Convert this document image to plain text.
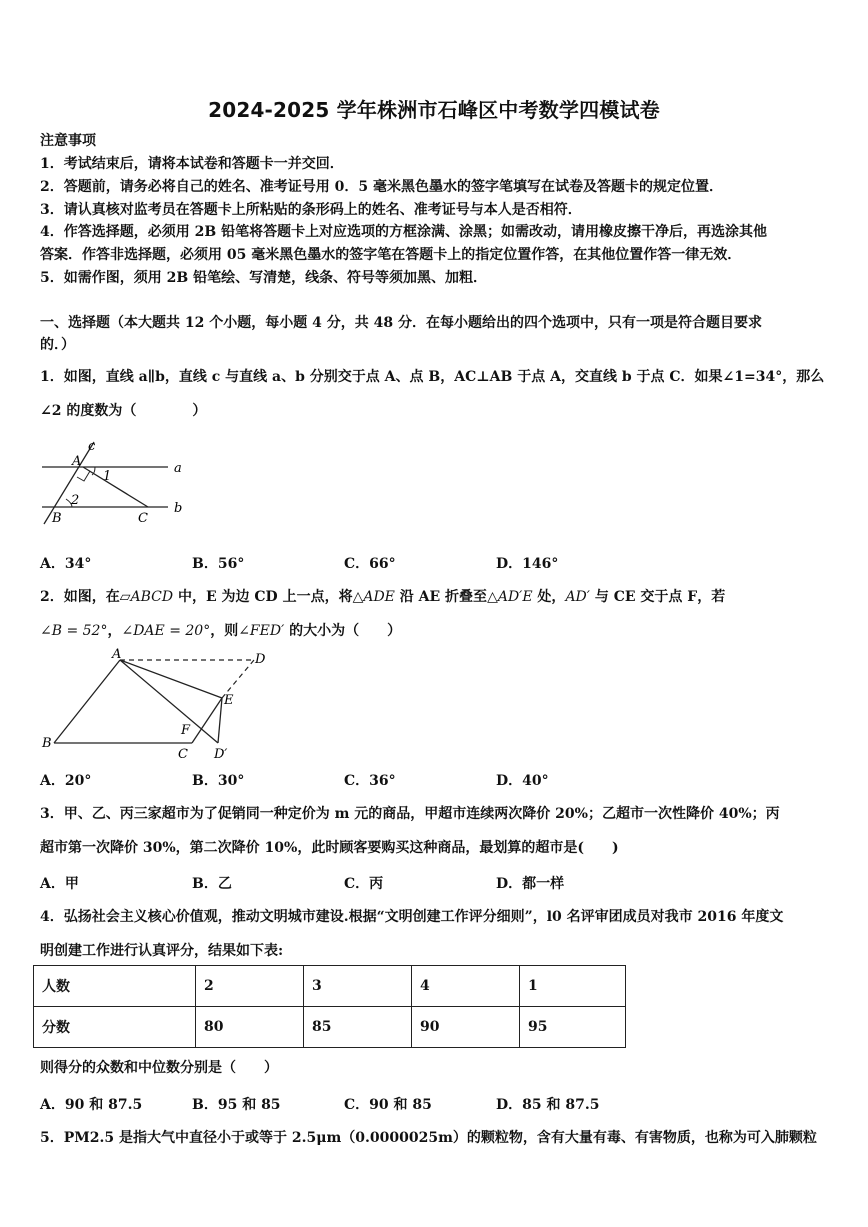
2024-2025 学年株洲市石峰区中考数学四模试卷
注意事项
1．考试结束后，请将本试卷和答题卡一并交回．
2．答题前，请务必将自己的姓名、准考证号用 0．5 毫米黑色墨水的签字笔填写在试卷及答题卡的规定位置．
3．请认真核对监考员在答题卡上所粘贴的条形码上的姓名、准考证号与本人是否相符．
4．作答选择题，必须用 2B 铅笔将答题卡上对应选项的方框涂满、涂黑；如需改动，请用橡皮擦干净后，再选涂其他
答案．作答非选择题，必须用 05 毫米黑色墨水的签字笔在答题卡上的指定位置作答，在其他位置作答一律无效．
5．如需作图，须用 2B 铅笔绘、写清楚，线条、符号等须加黑、加粗．
一、选择题（本大题共 12 个小题，每小题 4 分，共 48 分．在每小题给出的四个选项中，只有一项是符合题目要求
的．）
1．如图，直线 a∥b，直线 c 与直线 a、b 分别交于点 A、点 B，AC⊥AB 于点 A，交直线 b 于点 C．如果∠1=34°，那么
∠2 的度数为（　　　　）
c
A
1
a
2
B	C
b
A．34°	B．56°	C．66°	D．146°
2．如图，在▱ABCD 中，E 为边 CD 上一点，将△ADE 沿 AE 折叠至△AD′E 处，AD′ 与 CE 交于点 F，若
∠B = 52°，∠DAE = 20°，则∠FED′ 的大小为（　　）
A	D
E
F
B
C D′
A．20°	B．30°	C．36°	D．40°
3．甲、乙、丙三家超市为了促销同一种定价为 m 元的商品，甲超市连续两次降价 20%；乙超市一次性降价 40%；丙
超市第一次降价 30%，第二次降价 10%，此时顾客要购买这种商品，最划算的超市是(　　)
A．甲	B．乙	C．丙	D．都一样
4．弘扬社会主义核心价值观，推动文明城市建设.根据“文明创建工作评分细则”，l0 名评审团成员对我市 2016 年度文
明创建工作进行认真评分，结果如下表:
人数	2	3	4	1
分数	80	85	90	95
则得分的众数和中位数分别是（　　）
A．90 和 87.5	B．95 和 85	C．90 和 85	D．85 和 87.5
5．PM2.5 是指大气中直径小于或等于 2.5μm（0.0000025m）的颗粒物，含有大量有毒、有害物质，也称为可入肺颗粒
